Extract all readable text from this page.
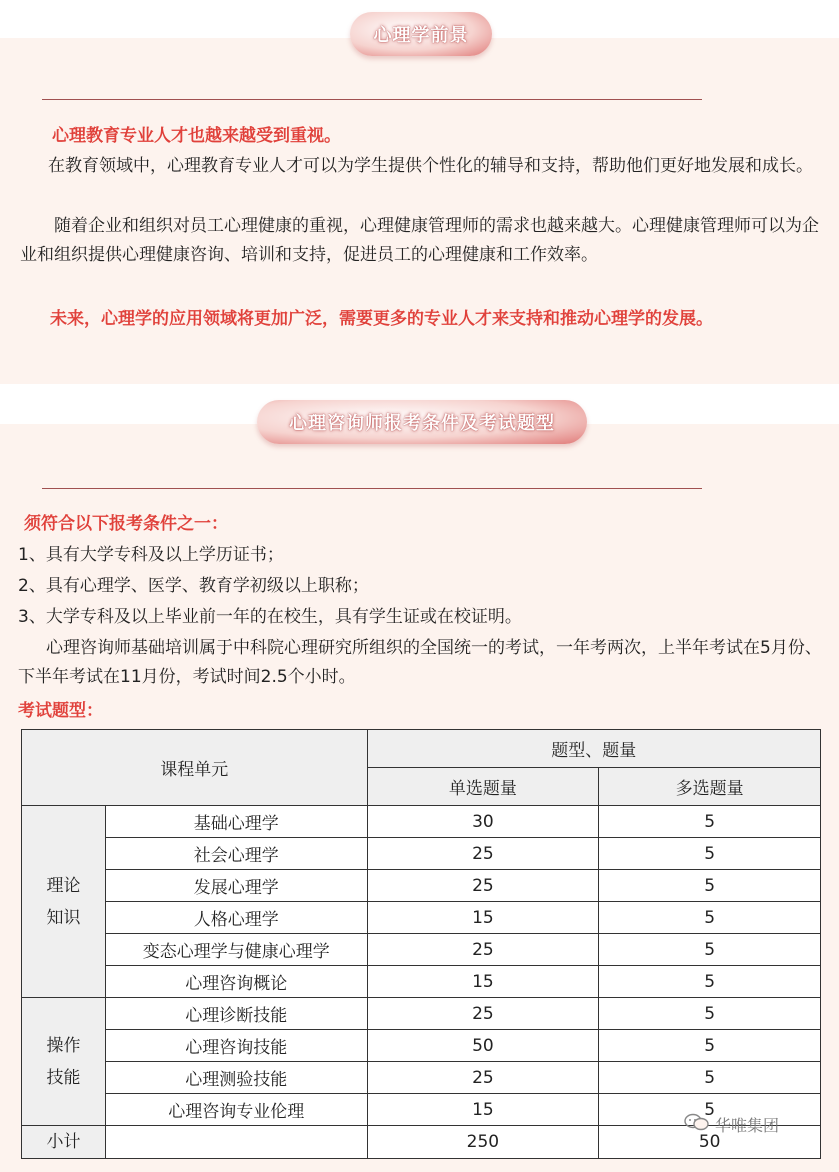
心理学前景
心理教育专业人才也越来越受到重视。
在教育领域中，心理教育专业人才可以为学生提供个性化的辅导和支持，帮助他们更好地发展和成长。
随着企业和组织对员工心理健康的重视，心理健康管理师的需求也越来越大。心理健康管理师可以为企业和组织提供心理健康咨询、培训和支持，促进员工的心理健康和工作效率。
未来，心理学的应用领域将更加广泛，需要更多的专业人才来支持和推动心理学的发展。
心理咨询师报考条件及考试题型
须符合以下报考条件之一：
1、具有大学专科及以上学历证书；
2、具有心理学、医学、教育学初级以上职称；
3、大学专科及以上毕业前一年的在校生，具有学生证或在校证明。
心理咨询师基础培训属于中科院心理研究所组织的全国统一的考试，一年考两次，上半年考试在5月份、下半年考试在11月份，考试时间2.5个小时。
考试题型：
课程单元		题型、题量	
		单选题量	多选题量
理论
知识	基础心理学	30	5
	社会心理学	25	5
	发展心理学	25	5
	人格心理学	15	5
	变态心理学与健康心理学	25	5
	心理咨询概论	15	5
操作
技能	心理诊断技能	25	5
	心理咨询技能	50	5
	心理测验技能	25	5
	心理咨询专业伦理	15	5
小计		250	50
华唯集团
